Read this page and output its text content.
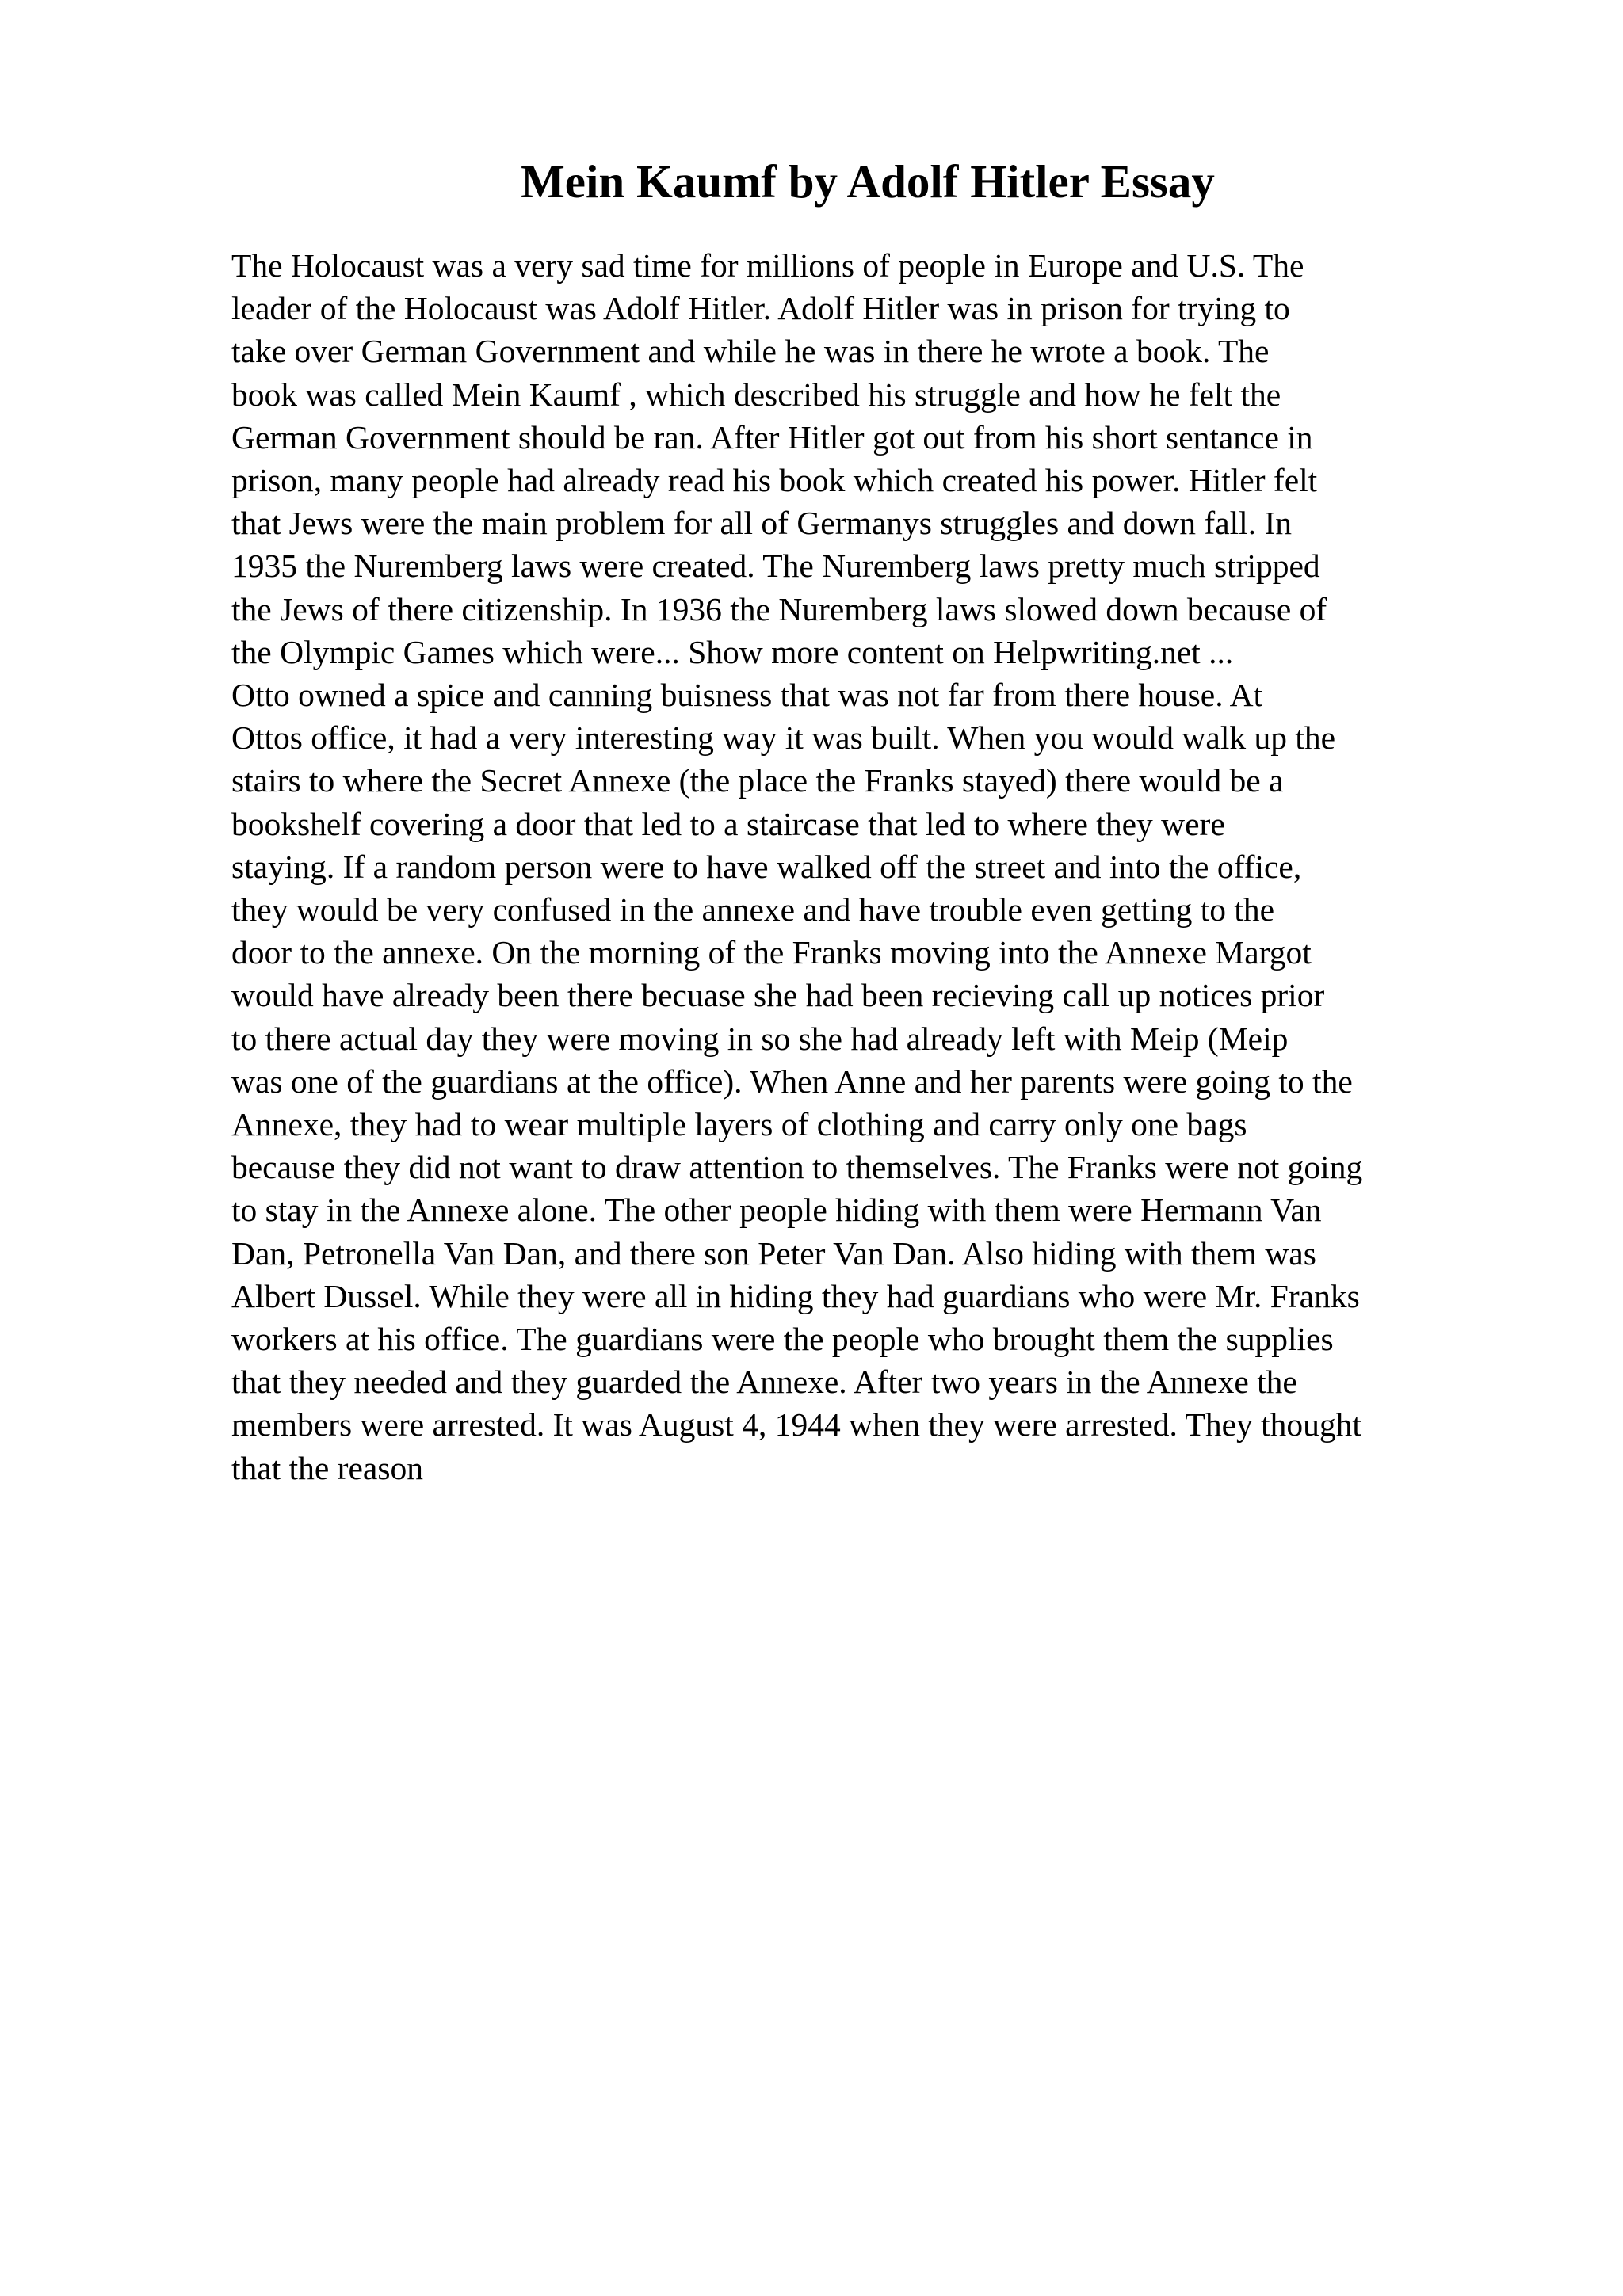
Mein Kaumf by Adolf Hitler Essay
The Holocaust was a very sad time for millions of people in Europe and U.S. The
leader of the Holocaust was Adolf Hitler. Adolf Hitler was in prison for trying to
take over German Government and while he was in there he wrote a book. The
book was called Mein Kaumf , which described his struggle and how he felt the
German Government should be ran. After Hitler got out from his short sentance in
prison, many people had already read his book which created his power. Hitler felt
that Jews were the main problem for all of Germanys struggles and down fall. In
1935 the Nuremberg laws were created. The Nuremberg laws pretty much stripped
the Jews of there citizenship. In 1936 the Nuremberg laws slowed down because of
the Olympic Games which were... Show more content on Helpwriting.net ...
Otto owned a spice and canning buisness that was not far from there house. At
Ottos office, it had a very interesting way it was built. When you would walk up the
stairs to where the Secret Annexe (the place the Franks stayed) there would be a
bookshelf covering a door that led to a staircase that led to where they were
staying. If a random person were to have walked off the street and into the office,
they would be very confused in the annexe and have trouble even getting to the
door to the annexe. On the morning of the Franks moving into the Annexe Margot
would have already been there becuase she had been recieving call up notices prior
to there actual day they were moving in so she had already left with Meip (Meip
was one of the guardians at the office). When Anne and her parents were going to the
Annexe, they had to wear multiple layers of clothing and carry only one bags
because they did not want to draw attention to themselves. The Franks were not going
to stay in the Annexe alone. The other people hiding with them were Hermann Van
Dan, Petronella Van Dan, and there son Peter Van Dan. Also hiding with them was
Albert Dussel. While they were all in hiding they had guardians who were Mr. Franks
workers at his office. The guardians were the people who brought them the supplies
that they needed and they guarded the Annexe. After two years in the Annexe the
members were arrested. It was August 4, 1944 when they were arrested. They thought
that the reason
